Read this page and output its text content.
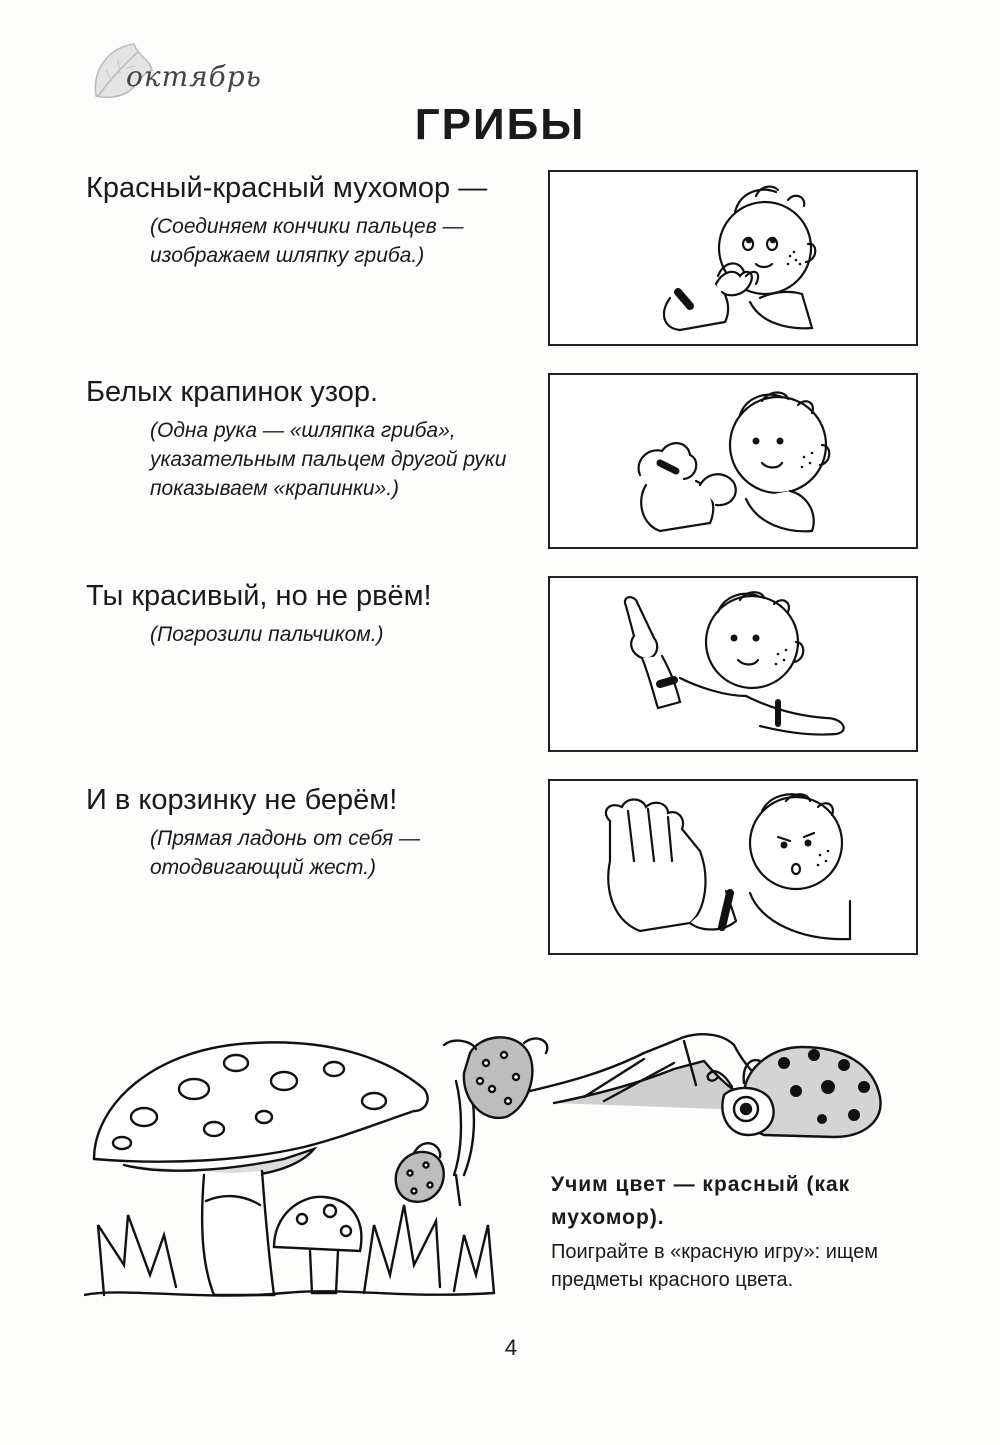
октябрь
ГРИБЫ
Красный-красный мухомор —
(Соединяем кончики пальцев — изображаем шляпку гриба.)
Белых крапинок узор.
(Одна рука — «шляпка гриба», указательным пальцем другой руки показываем «крапинки».)
Ты красивый, но не рвём!
(Погрозили пальчиком.)
И в корзинку не берём!
(Прямая ладонь от себя — отодвигающий жест.)
Учим цвет — красный (как мухомор).
Поиграйте в «красную игру»: ищем предметы красного цвета.
4
